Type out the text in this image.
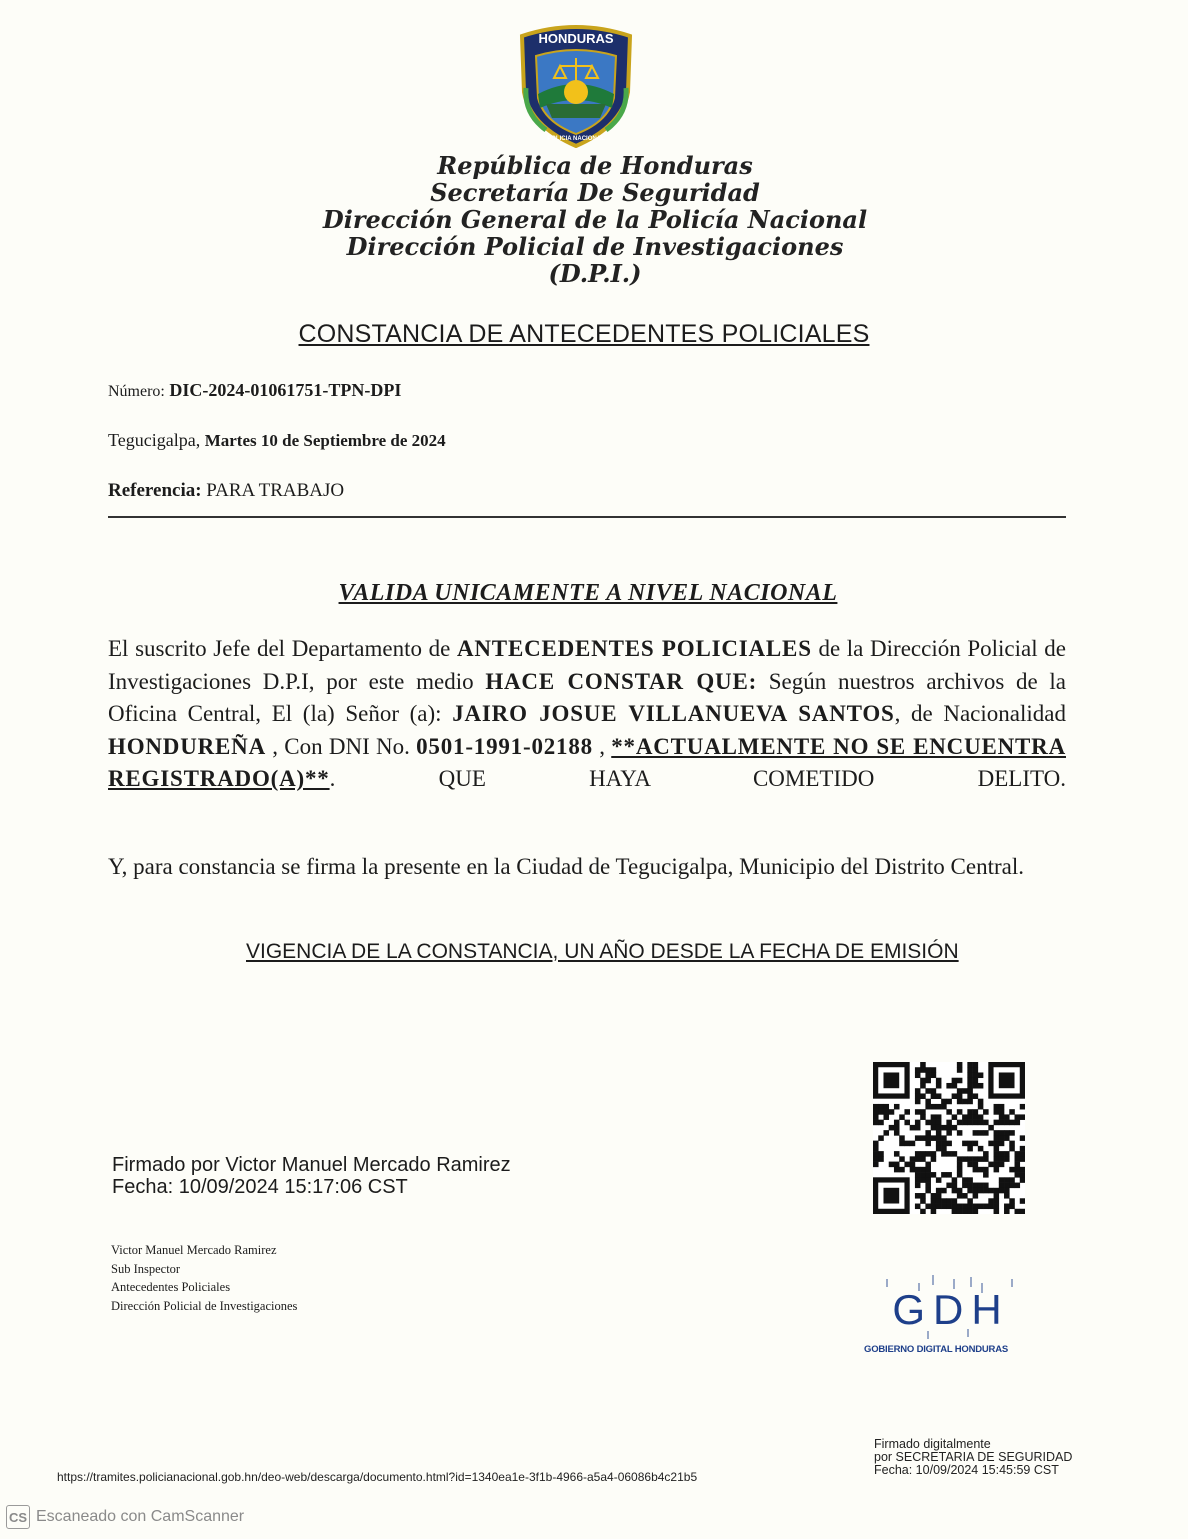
HONDURAS
POLICIA NACIONAL
República de Honduras
Secretaría De Seguridad
Dirección General de la Policía Nacional
Dirección Policial de Investigaciones
(D.P.I.)
CONSTANCIA DE ANTECEDENTES POLICIALES
Número: DIC-2024-01061751-TPN-DPI
Tegucigalpa, Martes 10 de Septiembre de 2024
Referencia: PARA TRABAJO
VALIDA UNICAMENTE A NIVEL NACIONAL
El suscrito Jefe del Departamento de ANTECEDENTES POLICIALES de la Dirección Policial de Investigaciones D.P.I, por este medio HACE CONSTAR QUE: Según nuestros archivos de la Oficina Central, El (la) Señor (a): JAIRO JOSUE VILLANUEVA SANTOS, de Nacionalidad HONDUREÑA , Con DNI No. 0501-1991-02188 , **ACTUALMENTE NO SE ENCUENTRA REGISTRADO(A)**. QUE HAYA COMETIDO DELITO.
Y, para constancia se firma la presente en la Ciudad de Tegucigalpa, Municipio del Distrito Central.
VIGENCIA DE LA CONSTANCIA, UN AÑO DESDE LA FECHA DE EMISIÓN
Firmado por Victor Manuel Mercado Ramirez
Fecha: 10/09/2024 15:17:06 CST
Victor Manuel Mercado Ramirez
Sub Inspector
Antecedentes Policiales
Dirección Policial de Investigaciones	GDH
GOBIERNO DIGITAL HONDURAS
Firmado digitalmente
por SECRETARIA DE SEGURIDAD
Fecha: 10/09/2024 15:45:59 CST
https://tramites.policianacional.gob.hn/deo-web/descarga/documento.html?id=1340ea1e-3f1b-4966-a5a4-06086b4c21b5
CS Escaneado con CamScanner
